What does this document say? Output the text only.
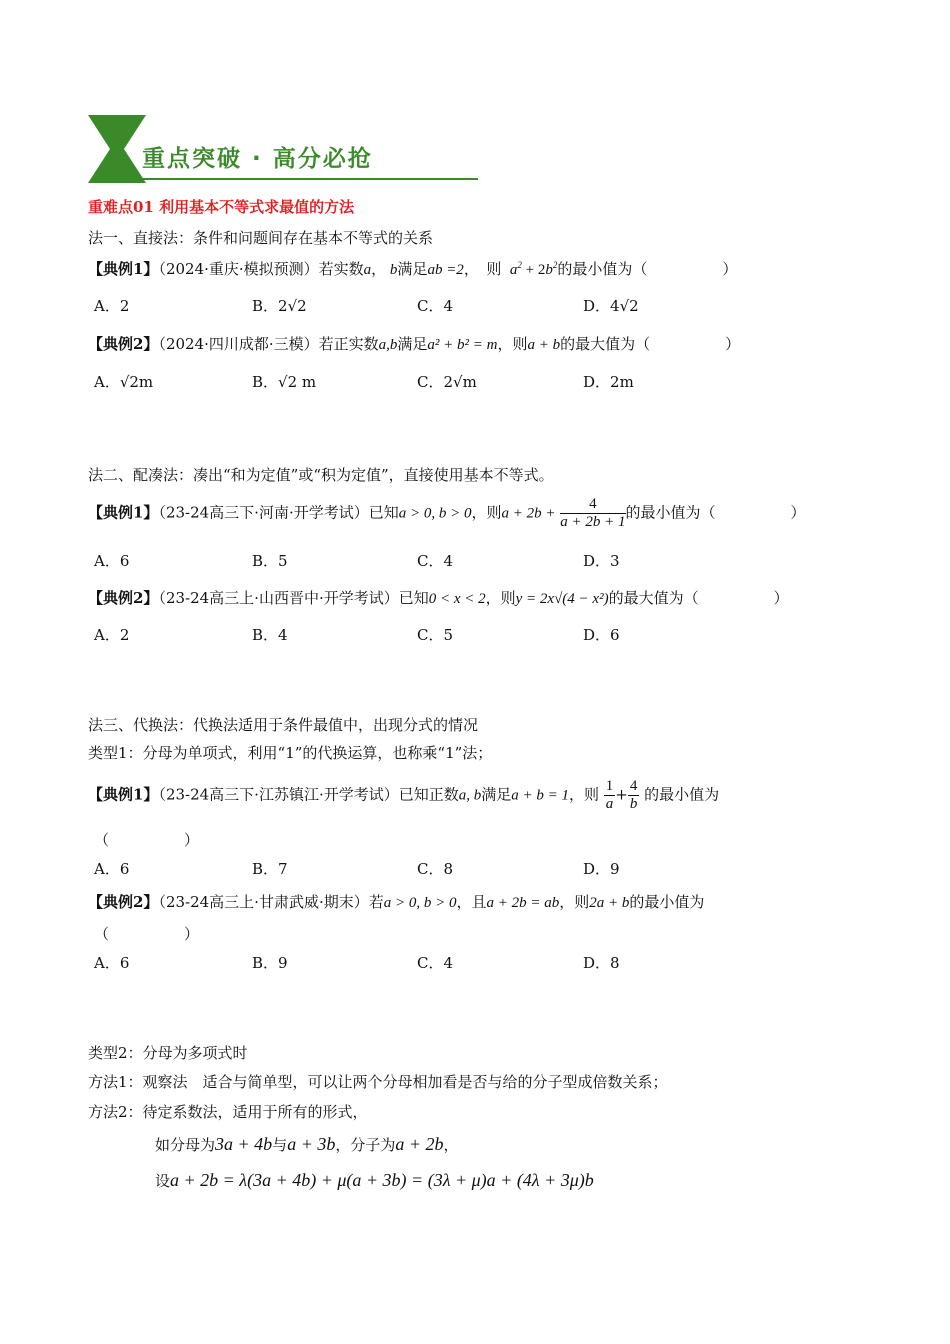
重点突破 · 高分必抢
重难点01 利用基本不等式求最值的方法
法一、直接法：条件和问题间存在基本不等式的关系
【典例1】（2024·重庆·模拟预测）若实数a， b满足ab =2，　则  $a^2 + 2b^2$的最小值为（　　　　　）
A．2	B．2√2	C．4	D．4√2
【典例2】（2024·四川成都·三模）若正实数a,b满足a² + b² = m，则a + b的最大值为（　　　　　）
A．√2m	B．√2 m	C．2√m	D．2m
法二、配凑法：凑出“和为定值”或“积为定值”，直接使用基本不等式。
【典例1】（23-24高三下·河南·开学考试）已知a > 0, b > 0，则$a + 2b + \frac{4}{a + 2b + 1}$ 的最小值为（　　　　　）
A．6	B．5	C．4	D．3
【典例2】（23-24高三上·山西晋中·开学考试）已知0 < x < 2，则y = 2x√(4 − x²)的最大值为（　　　　　）
A．2	B．4	C．5	D．6
法三、代换法：代换法适用于条件最值中，出现分式的情况
类型1：分母为单项式，利用“1”的代换运算，也称乘“1”法；
【典例1】（23-24高三下·江苏镇江·开学考试）已知正数a, b满足a + b = 1，则 $\frac{1}{a} + \frac{4}{b}$ 的最小值为
（　　　　　）
A．6	B．7	C．8	D．9
【典例2】（23-24高三上·甘肃武威·期末）若a > 0, b > 0，且a + 2b = ab，则2a + b的最小值为
（　　　　　）
A．6	B．9	C．4	D．8
类型2：分母为多项式时
方法1：观察法　适合与简单型，可以让两个分母相加看是否与给的分子型成倍数关系；
方法2：待定系数法，适用于所有的形式，
如分母为3a + 4b与a + 3b，分子为a + 2b，
设a + 2b = λ(3a + 4b) + μ(a + 3b) = (3λ + μ)a + (4λ + 3μ)b
